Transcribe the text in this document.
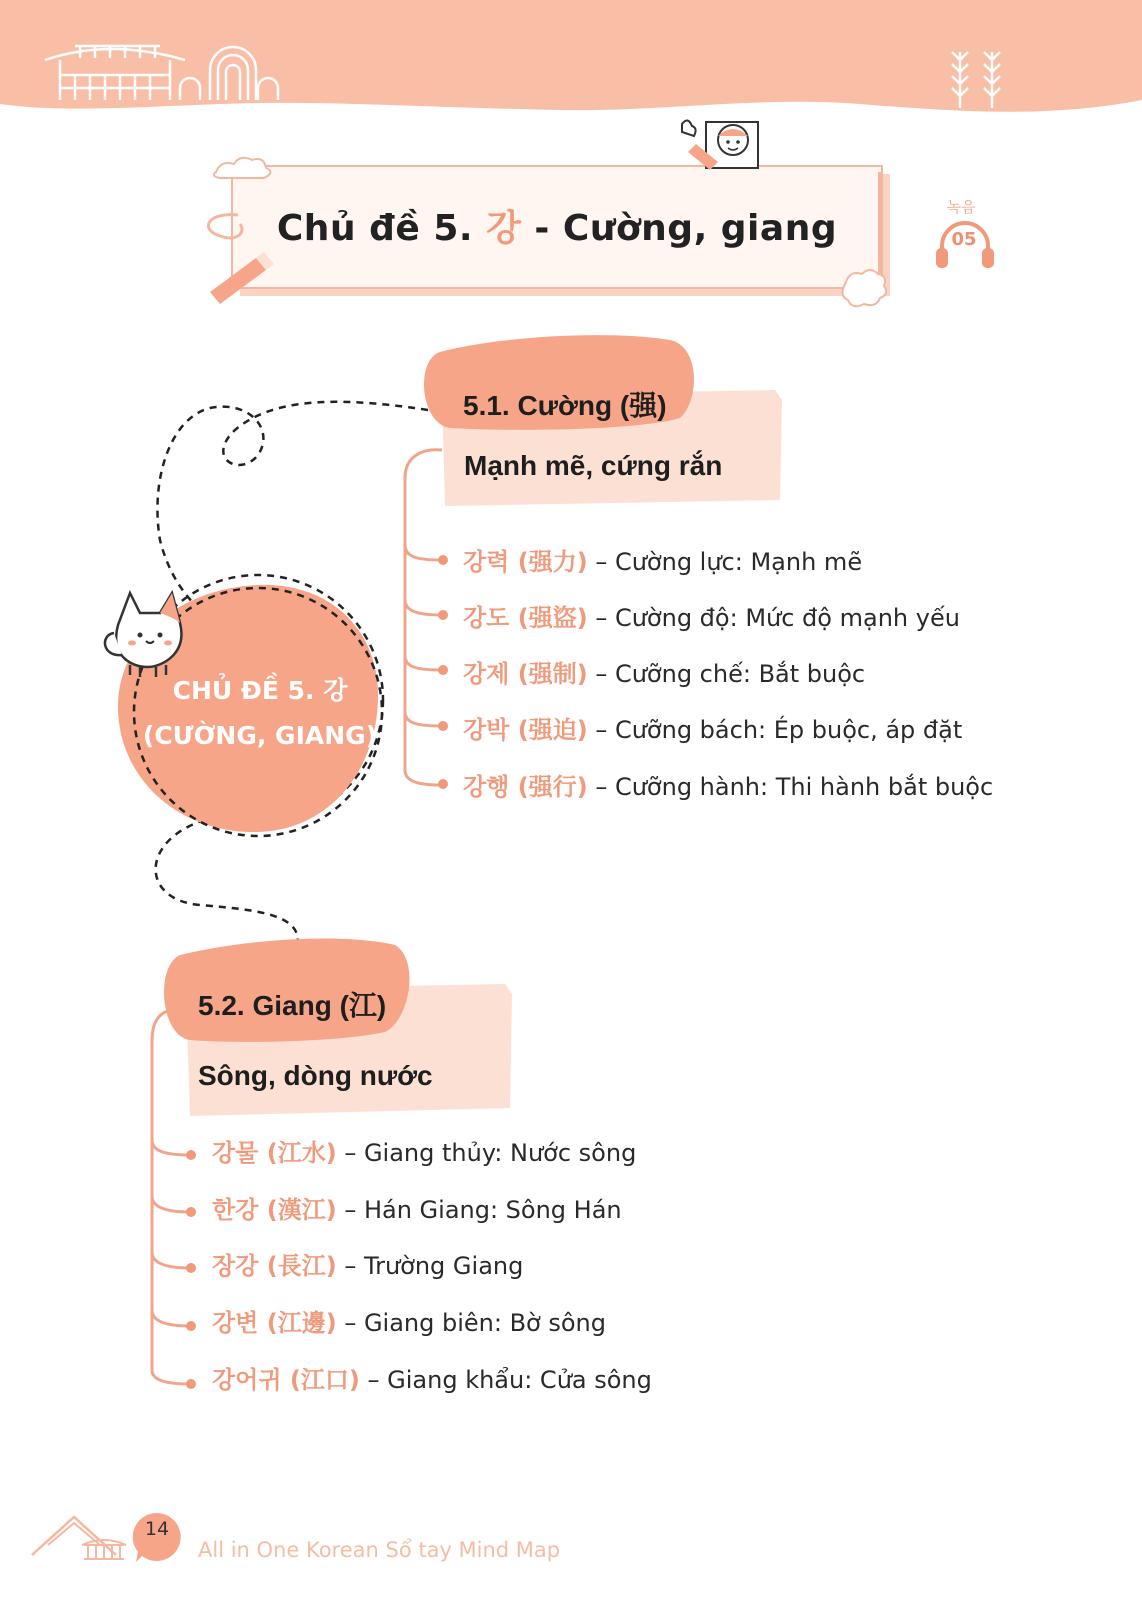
Chủ đề 5. 강 - Cường, giang
녹음
05
CHỦ ĐỀ 5. 강
(CƯỜNG, GIANG)
5.1. Cường (强)
Mạnh mẽ, cứng rắn
강력 (强力) – Cường lực: Mạnh mẽ
강도 (强盜) – Cường độ: Mức độ mạnh yếu
강제 (强制) – Cưỡng chế: Bắt buộc
강박 (强迫) – Cưỡng bách: Ép buộc, áp đặt
강행 (强行) – Cưỡng hành: Thi hành bắt buộc
5.2. Giang (江)
Sông, dòng nước
강물 (江水) – Giang thủy: Nước sông
한강 (漢江) – Hán Giang: Sông Hán
장강 (長江) – Trường Giang
강변 (江邊) – Giang biên: Bờ sông
강어귀 (江口) – Giang khẩu: Cửa sông
14
All in One Korean Sổ tay Mind Map
